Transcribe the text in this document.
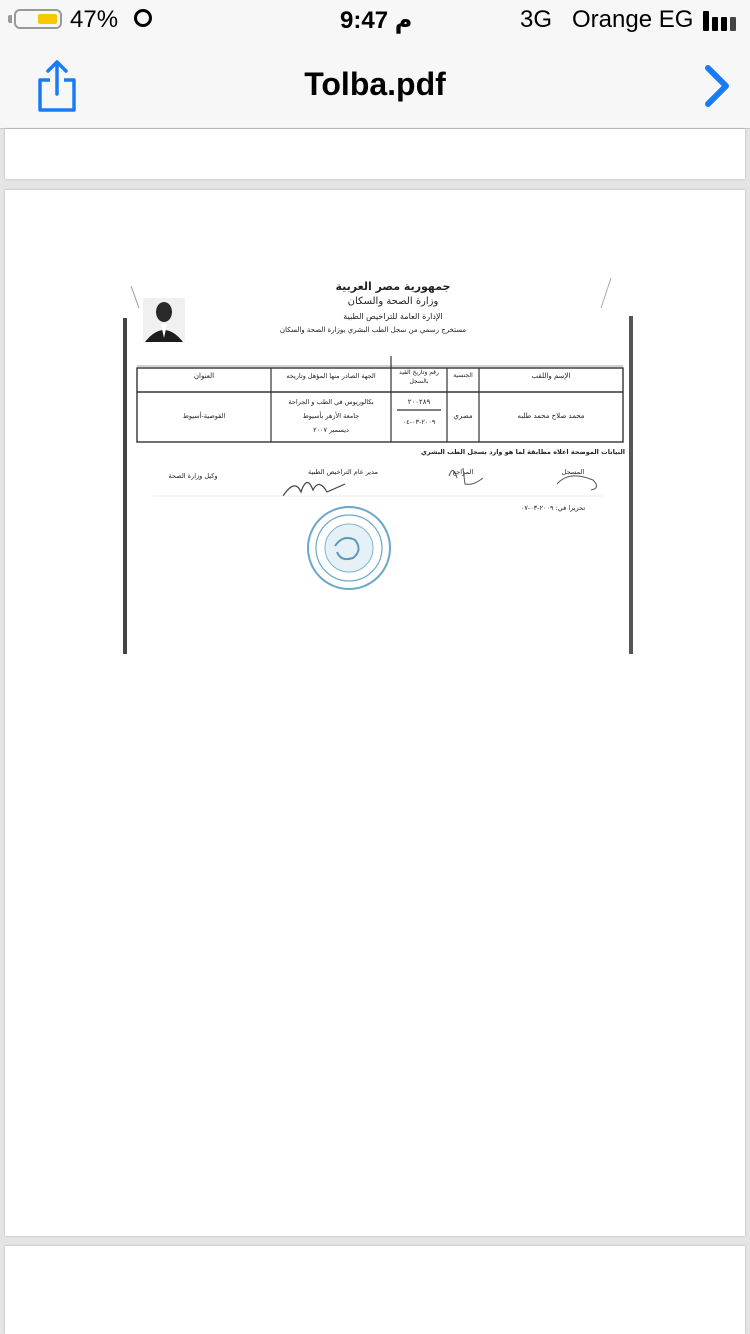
47%	9:47 م	3G Orange EG
Tolba.pdf
جمهورية مصر العربية
وزارة الصحة والسكان
الإدارة العامة للتراخيص الطبية
مستخرج رسمي من سجل الطب البشري بوزارة الصحة والسكان
الإسم واللقب
الجنسية
رقم وتاريخ القيد بالسجل
الجهة الصادر منها المؤهل وتاريخه
العنوان
محمد صلاح محمد طلبه
مصري
٢٠٠٢٨٩
٢٠٠٩-٠٣-٠٤
بكالوريوس في الطب و الجراحة
جامعة الأزهر بأسيوط
ديسمبر ٢٠٠٧
القوصية-أسيوط
البيانات الموضحة اعلاه مطابقة لما هو وارد بسجل الطب البشري
المسجل
المراجع
مدير عام التراخيص الطبية
وكيل وزارة الصحة
تحريرا في: ٢٠٠٩-٠٣-٠٧
